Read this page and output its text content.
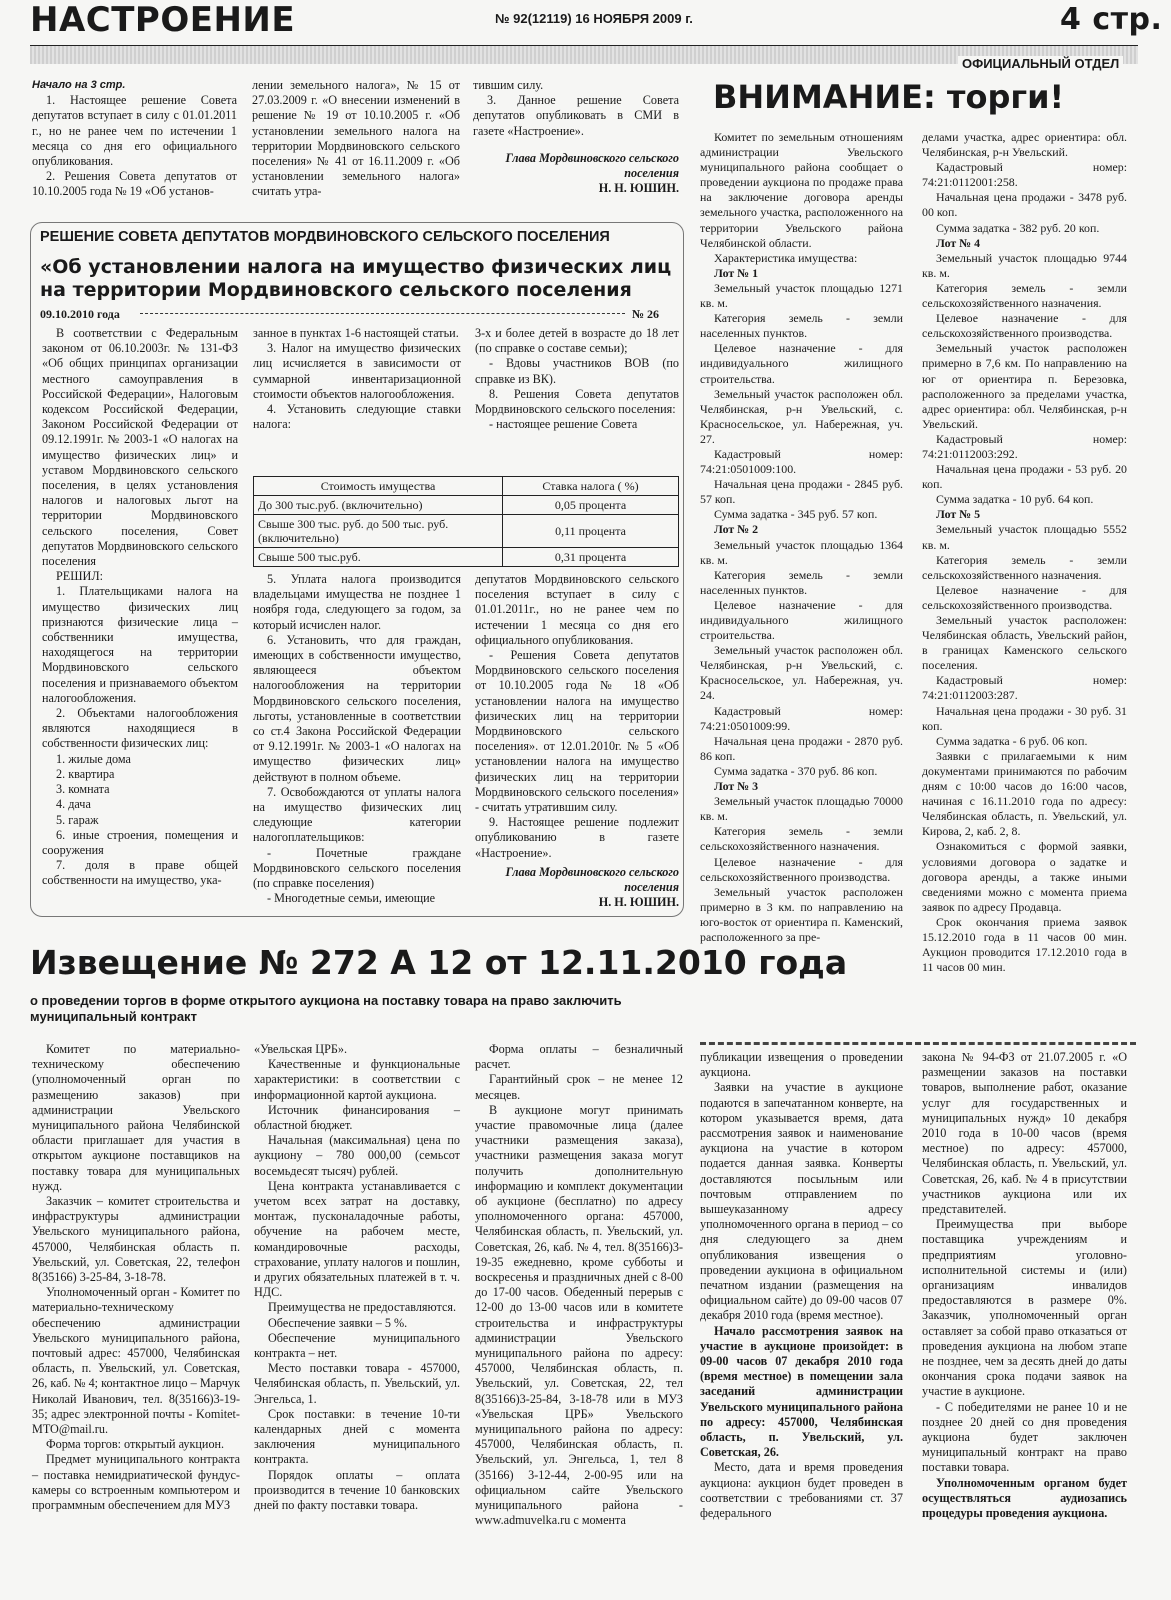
НАСТРОЕНИЕ	№ 92(12119) 16 НОЯБРЯ 2009 г.	4 стр.
ОФИЦИАЛЬНЫЙ ОТДЕЛ

Начало на 3 стр.

1. Настоящее решение Совета депутатов вступает в силу с 01.01.2011 г., но не ранее чем по истечении 1 месяца со дня его официального опубликования.

2. Решения Совета депутатов от 10.10.2005 года № 19 «Об установ-

лении земельного налога», № 15 от 27.03.2009 г. «О внесении изменений в решение № 19 от 10.10.2005 г. «Об установлении земельного налога на территории Мордвиновского сельского поселения» № 41 от 16.11.2009 г. «Об установлении земельного налога» считать утра-

тившим силу.

3. Данное решение Совета депутатов опубликовать в СМИ в газете «Настроение».

Глава Мордвиновского сельского поселения

Н. Н. ЮШИН.

РЕШЕНИЕ СОВЕТА ДЕПУТАТОВ МОРДВИНОВСКОГО СЕЛЬСКОГО ПОСЕЛЕНИЯ
«Об установлении налога на имущество физических лиц на территории Мордвиновского сельского поселения
09.10.2010 года	№ 26

В соответствии с Федеральным законом от 06.10.2003г. № 131-ФЗ «Об общих принципах организации местного самоуправления в Российской Федерации», Налоговым кодексом Российской Федерации, Законом Российской Федерации от 09.12.1991г. № 2003-1 «О налогах на имущество физических лиц» и уставом Мордвиновского сельского поселения, в целях установления налогов и налоговых льгот на территории Мордвиновского сельского поселения, Совет депутатов Мордвиновского сельского поселения

РЕШИЛ:

1. Плательщиками налога на имущество физических лиц признаются физические лица – собственники имущества, находящегося на территории Мордвиновского сельского поселения и признаваемого объектом налогообложения.

2. Объектами налогообложения являются находящиеся в собственности физических лиц:

1. жилые дома

2. квартира

3. комната

4. дача

5. гараж

6. иные строения, помещения и сооружения

7. доля в праве общей собственности на имущество, ука-

занное в пунктах 1-6 настоящей статьи.

3. Налог на имущество физических лиц исчисляется в зависимости от суммарной инвентаризационной стоимости объектов налогообложения.

4. Установить следующие ставки налога:

3-х и более детей в возрасте до 18 лет (по справке о составе семьи);

- Вдовы участников ВОВ (по справке из ВК).

8. Решения Совета депутатов Мордвиновского сельского поселения:

- настоящее решение Совета

Стоимость имущества	Ставка налога ( %)
До 300 тыс.руб. (включительно)	0,05 процента
Свыше 300 тыс. руб. до 500 тыс. руб. (включительно)	0,11 процента
Свыше 500 тыс.руб.	0,31 процента

5. Уплата налога производится владельцами имущества не позднее 1 ноября года, следующего за годом, за который исчислен налог.

6. Установить, что для граждан, имеющих в собственности имущество, являющееся объектом налогообложения на территории Мордвиновского сельского поселения, льготы, установленные в соответствии со ст.4 Закона Российской Федерации от 9.12.1991г. № 2003-1 «О налогах на имущество физических лиц» действуют в полном объеме.

7. Освобождаются от уплаты налога на имущество физических лиц следующие категории налогоплательщиков:

- Почетные граждане Мордвиновского сельского поселения (по справке поселения)

- Многодетные семьи, имеющие

депутатов Мордвиновского сельского поселения вступает в силу с 01.01.2011г., но не ранее чем по истечении 1 месяца со дня его официального опубликования.

- Решения Совета депутатов Мордвиновского сельского поселения от 10.10.2005 года № 18 «Об установлении налога на имущество физических лиц на территории Мордвиновского сельского поселения». от 12.01.2010г. № 5 «Об установлении налога на имущество физических лиц на территории Мордвиновского сельского поселения» - считать утратившим силу.

9. Настоящее решение подлежит опубликованию в газете «Настроение».

Глава Мордвиновского сельского поселения

Н. Н. ЮШИН.

ВНИМАНИЕ: торги!

Комитет по земельным отношениям администрации Увельского муниципального района сообщает о проведении аукциона по продаже права на заключение договора аренды земельного участка, расположенного на территории Увельского района Челябинской области.

Характеристика имущества:

Лот № 1

Земельный участок площадью 1271 кв. м.

Категория земель - земли населенных пунктов.

Целевое назначение - для индивидуального жилищного строительства.

Земельный участок расположен обл. Челябинская, р-н Увельский, с. Красносельское, ул. Набережная, уч. 27.

Кадастровый номер: 74:21:0501009:100.

Начальная цена продажи - 2845 руб. 57 коп.

Сумма задатка - 345 руб. 57 коп.

Лот № 2

Земельный участок площадью 1364 кв. м.

Категория земель - земли населенных пунктов.

Целевое назначение - для индивидуального жилищного строительства.

Земельный участок расположен обл. Челябинская, р-н Увельский, с. Красносельское, ул. Набережная, уч. 24.

Кадастровый номер: 74:21:0501009:99.

Начальная цена продажи - 2870 руб. 86 коп.

Сумма задатка - 370 руб. 86 коп.

Лот № 3

Земельный участок площадью 70000 кв. м.

Категория земель - земли сельскохозяйственного назначения.

Целевое назначение - для сельскохозяйственного производства.

Земельный участок расположен примерно в 3 км. по направлению на юго-восток от ориентира п. Каменский, расположенного за пре-

делами участка, адрес ориентира: обл. Челябинская, р-н Увельский.

Кадастровый номер: 74:21:0112001:258.

Начальная цена продажи - 3478 руб. 00 коп.

Сумма задатка - 382 руб. 20 коп.

Лот № 4

Земельный участок площадью 9744 кв. м.

Категория земель - земли сельскохозяйственного назначения.

Целевое назначение - для сельскохозяйственного производства.

Земельный участок расположен примерно в 7,6 км. По направлению на юг от ориентира п. Березовка, расположенного за пределами участка, адрес ориентира: обл. Челябинская, р-н Увельский.

Кадастровый номер: 74:21:0112003:292.

Начальная цена продажи - 53 руб. 20 коп.

Сумма задатка - 10 руб. 64 коп.

Лот № 5

Земельный участок площадью 5552 кв. м.

Категория земель - земли сельскохозяйственного назначения.

Целевое назначение - для сельскохозяйственного производства.

Земельный участок расположен: Челябинская область, Увельский район, в границах Каменского сельского поселения.

Кадастровый номер: 74:21:0112003:287.

Начальная цена продажи - 30 руб. 31 коп.

Сумма задатка - 6 руб. 06 коп.

Заявки с прилагаемыми к ним документами принимаются по рабочим дням с 10:00 часов до 16:00 часов, начиная с 16.11.2010 года по адресу: Челябинская область, п. Увельский, ул. Кирова, 2, каб. 2, 8.

Ознакомиться с формой заявки, условиями договора о задатке и договора аренды, а также иными сведениями можно с момента приема заявок по адресу Продавца.

Срок окончания приема заявок 15.12.2010 года в 11 часов 00 мин. Аукцион проводится 17.12.2010 года в 11 часов 00 мин.

Извещение № 272 А 12 от 12.11.2010 года
о проведении торгов в форме открытого аукциона на поставку товара на право заключить муниципальный контракт

Комитет по материально-техническому обеспечению (уполномоченный орган по размещению заказов) при администрации Увельского муниципального района Челябинской области приглашает для участия в открытом аукционе поставщиков на поставку товара для муниципальных нужд.

Заказчик – комитет строительства и инфраструктуры администрации Увельского муниципального района, 457000, Челябинская область п. Увельский, ул. Советская, 22, телефон 8(35166) 3-25-84, 3-18-78.

Уполномоченный орган - Комитет по материально-техническому обеспечению администрации Увельского муниципального района, почтовый адрес: 457000, Челябинская область, п. Увельский, ул. Советская, 26, каб. № 4; контактное лицо – Марчук Николай Иванович, тел. 8(35166)3-19-35; адрес электронной почты - Komitet-MTO@mail.ru.

Форма торгов: открытый аукцион.

Предмет муниципального контракта – поставка немидриатической фундус-камеры со встроенным компьютером и программным обеспечением для МУЗ

«Увельская ЦРБ».

Качественные и функциональные характеристики: в соответствии с информационной картой аукциона.

Источник финансирования – областной бюджет.

Начальная (максимальная) цена по аукциону – 780 000,00 (семьсот восемьдесят тысяч) рублей.

Цена контракта устанавливается с учетом всех затрат на доставку, монтаж, пусконаладочные работы, обучение на рабочем месте, командировочные расходы, страхование, уплату налогов и пошлин, и других обязательных платежей в т. ч. НДС.

Преимущества не предоставляются.

Обеспечение заявки – 5 %.

Обеспечение муниципального контракта – нет.

Место поставки товара - 457000, Челябинская область, п. Увельский, ул. Энгельса, 1.

Срок поставки: в течение 10-ти календарных дней с момента заключения муниципального контракта.

Порядок оплаты – оплата производится в течение 10 банковских дней по факту поставки товара.

Форма оплаты – безналичный расчет.

Гарантийный срок – не менее 12 месяцев.

В аукционе могут принимать участие правомочные лица (далее участники размещения заказа), участники размещения заказа могут получить дополнительную информацию и комплект документации об аукционе (бесплатно) по адресу уполномоченного органа: 457000, Челябинская область, п. Увельский, ул. Советская, 26, каб. № 4, тел. 8(35166)3-19-35 ежедневно, кроме субботы и воскресенья и праздничных дней с 8-00 до 17-00 часов. Обеденный перерыв с 12-00 до 13-00 часов или в комитете строительства и инфраструктуры администрации Увельского муниципального района по адресу: 457000, Челябинская область, п. Увельский, ул. Советская, 22, тел 8(35166)3-25-84, 3-18-78 или в МУЗ «Увельская ЦРБ» Увельского муниципального района по адресу: 457000, Челябинская область, п. Увельский, ул. Энгельса, 1, тел 8 (35166) 3-12-44, 2-00-95 или на официальном сайте Увельского муниципального района - www.admuvelka.ru с момента

публикации извещения о проведении аукциона.

Заявки на участие в аукционе подаются в запечатанном конверте, на котором указывается время, дата рассмотрения заявок и наименование аукциона на участие в котором подается данная заявка. Конверты доставляются посыльным или почтовым отправлением по вышеуказанному адресу уполномоченного органа в период – со дня следующего за днем опубликования извещения о проведении аукциона в официальном печатном издании (размещения на официальном сайте) до 09-00 часов 07 декабря 2010 года (время местное).

Начало рассмотрения заявок на участие в аукционе произойдет: в 09-00 часов 07 декабря 2010 года (время местное) в помещении зала заседаний администрации Увельского муниципального района по адресу: 457000, Челябинская область, п. Увельский, ул. Советская, 26.

Место, дата и время проведения аукциона: аукцион будет проведен в соответствии с требованиями ст. 37 федерального

закона № 94-ФЗ от 21.07.2005 г. «О размещении заказов на поставки товаров, выполнение работ, оказание услуг для государственных и муниципальных нужд» 10 декабря 2010 года в 10-00 часов (время местное) по адресу: 457000, Челябинская область, п. Увельский, ул. Советская, 26, каб. № 4 в присутствии участников аукциона или их представителей.

Преимущества при выборе поставщика учреждениям и предприятиям уголовно-исполнительной системы и (или) организациям инвалидов предоставляются в размере 0%. Заказчик, уполномоченный орган оставляет за собой право отказаться от проведения аукциона на любом этапе не позднее, чем за десять дней до даты окончания срока подачи заявок на участие в аукционе.

- С победителями не ранее 10 и не позднее 20 дней со дня проведения аукциона будет заключен муниципальный контракт на право поставки товара.

Уполномоченным органом будет осуществляться аудиозапись процедуры проведения аукциона.
